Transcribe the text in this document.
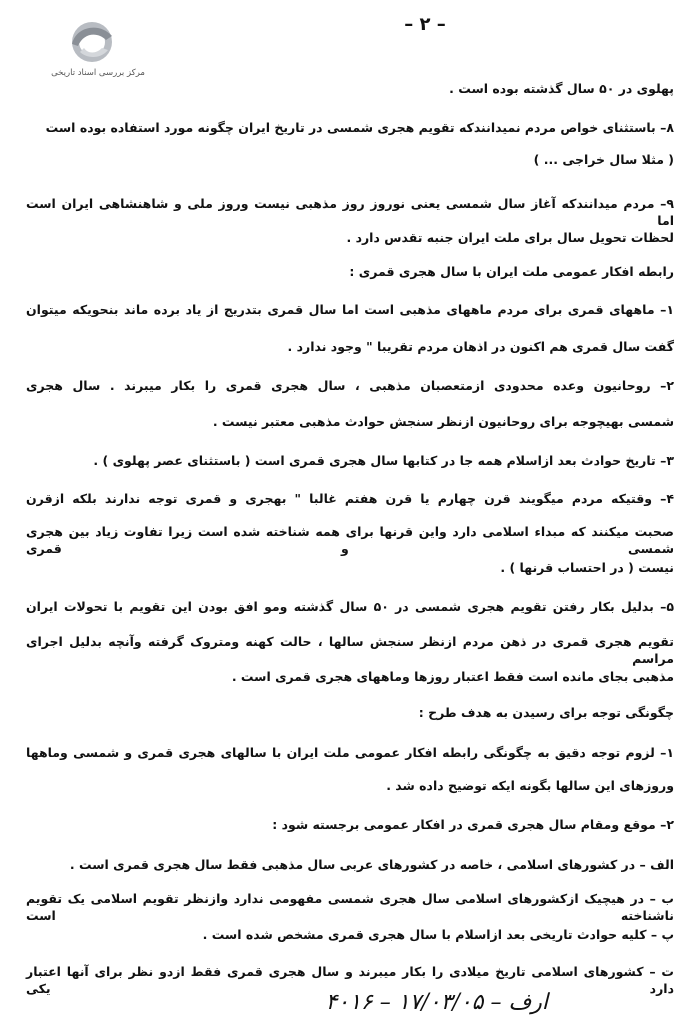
– ۲ –
مرکز بررسی اسناد تاریخی
پهلوی در ۵۰ سال گذشته بوده است .
۸– باستثنای خواص مردم نمیدانندکه تقویم هجری شمسی در تاریخ ایران چگونه مورد استفاده بوده است
( مثلا سال خراجی ... )
۹– مردم میدانندکه آغاز سال شمسی یعنی نوروز روز مذهبی نیست وروز ملی و شاهنشاهی ایران است اما
لحظات تحویل سال برای ملت ایران جنبه تقدس دارد .
رابطه افکار عمومی ملت ایران با سال هجری قمری :
۱– ماههای قمری برای مردم ماههای مذهبی است اما سال قمری بتدریج از یاد برده ماند بنحویکه میتوان
گفت سال قمری هم اکنون در اذهان مردم تقریبا " وجود ندارد .
۲– روحانیون وعده محدودی ازمتعصبان مذهبی ، سال هجری قمری را بکار میبرند . سال هجری
شمسی بهیچوجه برای روحانیون ازنظر سنجش حوادث مذهبی معتبر نیست .
۳– تاریخ حوادث بعد ازاسلام همه جا در کتابها سال هجری قمری است ( باستثنای عصر پهلوی ) .
۴– وقتیکه مردم میگویند قرن چهارم یا قرن هفتم غالبا " بهجری و قمری توجه ندارند بلکه ازقرن
صحبت میکنند که مبداء اسلامی دارد واین قرنها برای همه شناخته شده است زیرا تفاوت زیاد بین هجری شمسی و قمری
نیست ( در احتساب قرنها ) .
۵– بدلیل بکار رفتن تقویم هجری شمسی در ۵۰ سال گذشته ومو افق بودن این تقویم با تحولات ایران
تقویم هجری قمری در ذهن مردم ازنظر سنجش سالها ، حالت کهنه ومتروک گرفته وآنچه بدلیل اجرای مراسم
مذهبی بجای مانده است فقط اعتبار روزها وماههای هجری قمری است .
چگونگی توجه برای رسیدن به هدف طرح :
۱– لزوم توجه دقیق به چگونگی رابطه افکار عمومی ملت ایران با سالهای هجری قمری و شمسی وماهها
وروزهای این سالها بگونه ایکه توضیح داده شد .
۲– موقع ومقام سال هجری قمری در افکار عمومی برجسته شود :
الف – در کشورهای اسلامی ، خاصه در کشورهای عربی سال مذهبی فقط سال هجری قمری است .
ب – در هیچیک ازکشورهای اسلامی سال هجری شمسی مفهومی ندارد وازنظر تقویم اسلامی یک تقویم ناشناخته است
پ – کلیه حوادث تاریخی بعد ازاسلام با سال هجری قمری مشخص شده است .
ت – کشورهای اسلامی تاریخ میلادی را بکار میبرند و سال هجری قمری فقط ازدو نظر برای آنها اعتبار دارد یکی
ارف – ۱۷/۰۳/۰۵ – ۴۰۱۶
